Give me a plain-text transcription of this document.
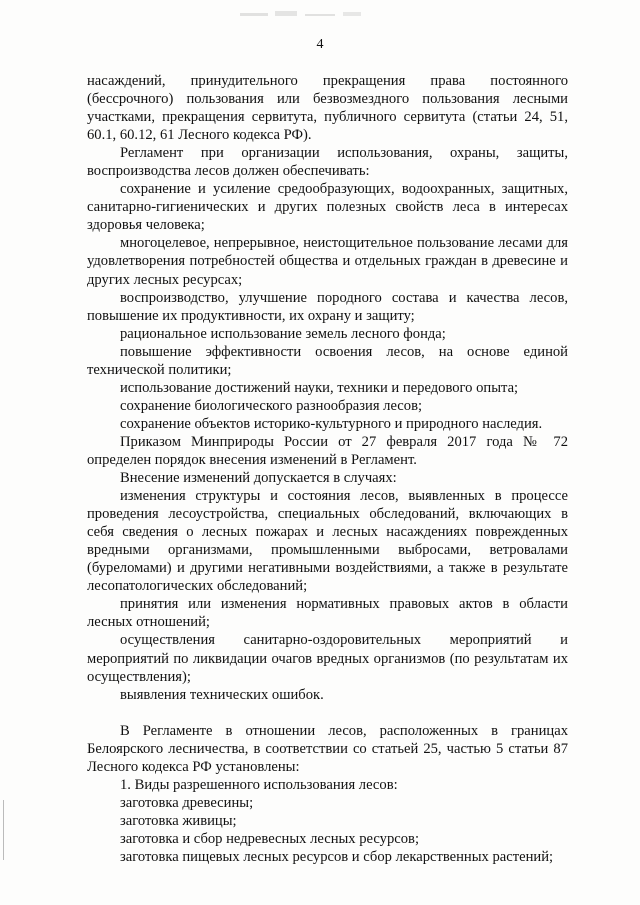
4

насаждений, принудительного прекращения права постоянного (бессрочного) пользования или безвозмездного пользования лесными участками, прекращения сервитута, публичного сервитута (статьи 24, 51, 60.1, 60.12, 61 Лесного кодекса РФ).

Регламент при организации использования, охраны, защиты, воспроизводства лесов должен обеспечивать:

сохранение и усиление средообразующих, водоохранных, защитных, санитарно-гигиенических и других полезных свойств леса в интересах здоровья человека;

многоцелевое, непрерывное, неистощительное пользование лесами для удовлетворения потребностей общества и отдельных граждан в древесине и других лесных ресурсах;

воспроизводство, улучшение породного состава и качества лесов, повышение их продуктивности, их охрану и защиту;

рациональное использование земель лесного фонда;

повышение эффективности освоения лесов, на основе единой технической политики;

использование достижений науки, техники и передового опыта;

сохранение биологического разнообразия лесов;

сохранение объектов историко-культурного и природного наследия.

Приказом Минприроды России от 27 февраля 2017 года № 72 определен порядок внесения изменений в Регламент.

Внесение изменений допускается в случаях:

изменения структуры и состояния лесов, выявленных в процессе проведения лесоустройства, специальных обследований, включающих в себя сведения о лесных пожарах и лесных насаждениях поврежденных вредными организмами, промышленными выбросами, ветровалами (буреломами) и другими негативными воздействиями, а также в результате лесопатологических обследований;

принятия или изменения нормативных правовых актов в области лесных отношений;

осуществления санитарно-оздоровительных мероприятий и мероприятий по ликвидации очагов вредных организмов (по результатам их осуществления);

выявления технических ошибок.

В Регламенте в отношении лесов, расположенных в границах Белоярского лесничества, в соответствии со статьей 25, частью 5 статьи 87 Лесного кодекса РФ установлены:

1. Виды разрешенного использования лесов:

заготовка древесины;

заготовка живицы;

заготовка и сбор недревесных лесных ресурсов;

заготовка пищевых лесных ресурсов и сбор лекарственных растений;
